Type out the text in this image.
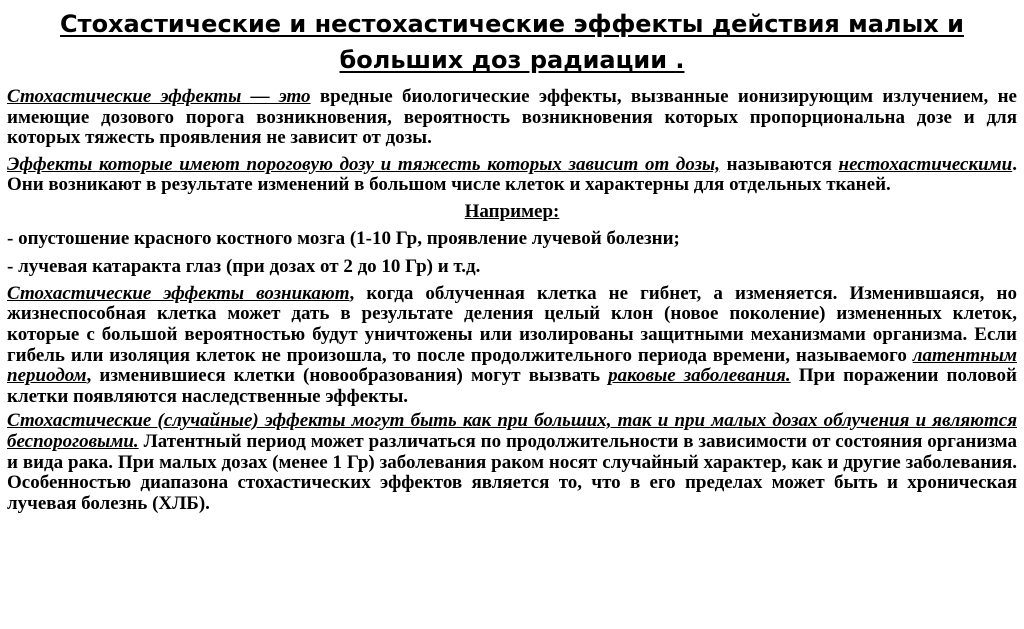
Стохастические и нестохастические эффекты действия малых и
больших доз радиации .

Стохастические эффекты — это вредные биологические эффекты, вызванные ионизирующим излучением, не имеющие дозового порога возникновения, вероятность возникновения которых пропорциональна дозе и для которых тяжесть проявления не зависит от дозы.

Эффекты которые имеют пороговую дозу и тяжесть которых зависит от дозы, называются нестохастическими. Они возникают в результате изменений в большом числе клеток и характерны для отдельных тканей.

Например:

- опустошение красного костного мозга (1-10 Гр, проявление лучевой болезни;

- лучевая катаракта глаз (при дозах от 2 до 10 Гр) и т.д.

Стохастические эффекты возникают, когда облученная клетка не гибнет, а изменяется. Изменившаяся, но жизнеспособная клетка может дать в результате деления целый клон (новое поколение) измененных клеток, которые с большой вероятностью будут уничтожены или изолированы защитными механизмами организма. Если гибель или изоляция клеток не произошла, то после продолжительного периода времени, называемого латентным периодом, изменившиеся клетки (новообразования) могут вызвать раковые заболевания. При поражении половой клетки появляются наследственные эффекты.

Стохастические (случайные) эффекты могут быть как при больших, так и при малых дозах облучения и являются беспороговыми. Латентный период может различаться по продолжительности в зависимости от состояния организма и вида рака. При малых дозах (менее 1 Гр) заболевания раком носят случайный характер, как и другие заболевания. Особенностью диапазона стохастических эффектов является то, что в его пределах может быть и хроническая лучевая болезнь (ХЛБ).
